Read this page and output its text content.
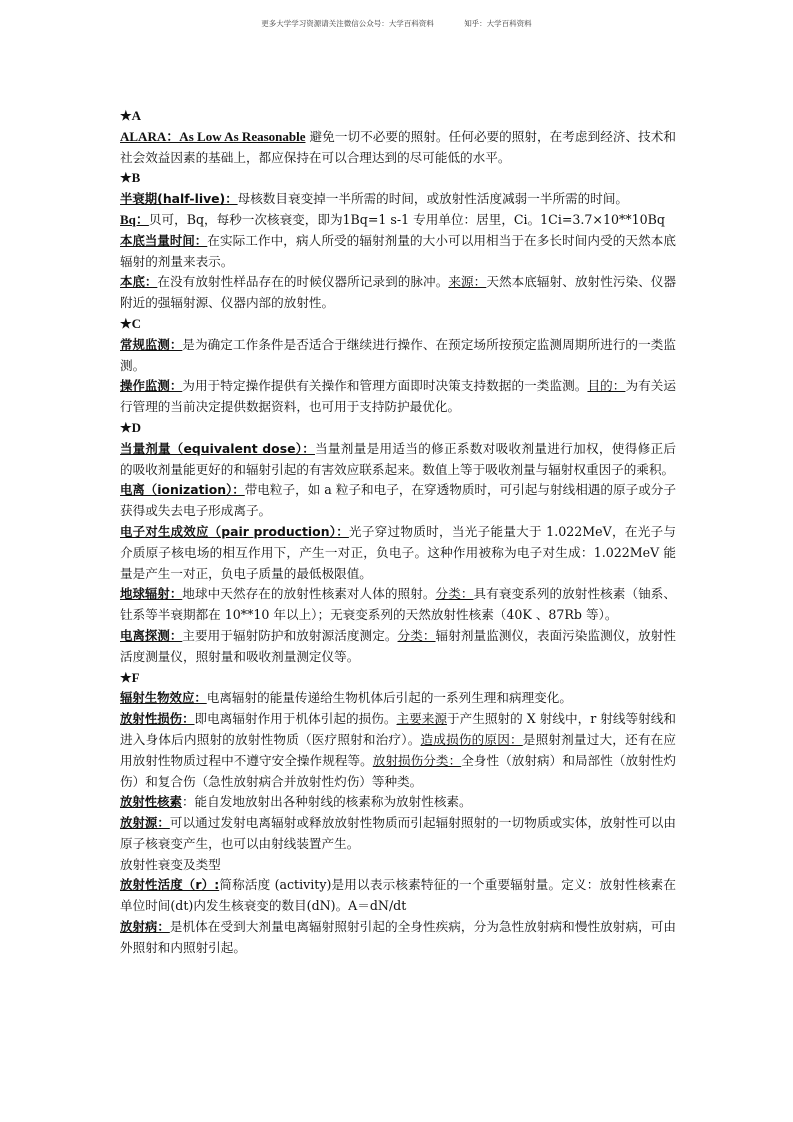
更多大学学习资源请关注微信公众号：大学百科资料	知乎：大学百科资料
★A
ALARA：As Low As Reasonable 避免一切不必要的照射。任何必要的照射，在考虑到经济、技术和社会效益因素的基础上，都应保持在可以合理达到的尽可能低的水平。
★B
半衰期(half-live)：母核数目衰变掉一半所需的时间，或放射性活度减弱一半所需的时间。
Bq：贝可，Bq，每秒一次核衰变，即为1Bq=1 s-1 专用单位：居里，Ci。1Ci=3.7×10**10Bq
本底当量时间：在实际工作中，病人所受的辐射剂量的大小可以用相当于在多长时间内受的天然本底辐射的剂量来表示。
本底：在没有放射性样品存在的时候仪器所记录到的脉冲。来源：天然本底辐射、放射性污染、仪器附近的强辐射源、仪器内部的放射性。
★C
常规监测：是为确定工作条件是否适合于继续进行操作、在预定场所按预定监测周期所进行的一类监测。
操作监测：为用于特定操作提供有关操作和管理方面即时决策支持数据的一类监测。目的：为有关运行管理的当前决定提供数据资料，也可用于支持防护最优化。
★D
当量剂量（equivalent dose）：当量剂量是用适当的修正系数对吸收剂量进行加权，使得修正后的吸收剂量能更好的和辐射引起的有害效应联系起来。数值上等于吸收剂量与辐射权重因子的乘积。
电离（ionization）：带电粒子，如 a 粒子和电子，在穿透物质时，可引起与射线相遇的原子或分子获得或失去电子形成离子。
电子对生成效应（pair production）：光子穿过物质时，当光子能量大于 1.022MeV，在光子与介质原子核电场的相互作用下，产生一对正，负电子。这种作用被称为电子对生成：1.022MeV 能量是产生一对正，负电子质量的最低极限值。
地球辐射：地球中天然存在的放射性核素对人体的照射。分类：具有衰变系列的放射性核素（铀系、钍系等半衰期都在 10**10 年以上）；无衰变系列的天然放射性核素（40K 、87Rb 等）。
电离探测：主要用于辐射防护和放射源活度测定。分类：辐射剂量监测仪，表面污染监测仪，放射性活度测量仪，照射量和吸收剂量测定仪等。
★F
辐射生物效应：电离辐射的能量传递给生物机体后引起的一系列生理和病理变化。
放射性损伤：即电离辐射作用于机体引起的损伤。主要来源于产生照射的 X 射线中，r 射线等射线和进入身体后内照射的放射性物质（医疗照射和治疗）。造成损伤的原因：是照射剂量过大，还有在应用放射性物质过程中不遵守安全操作规程等。放射损伤分类：全身性（放射病）和局部性（放射性灼伤）和复合伤（急性放射病合并放射性灼伤）等种类。
放射性核素：能自发地放射出各种射线的核素称为放射性核素。
放射源：可以通过发射电离辐射或释放放射性物质而引起辐射照射的一切物质或实体，放射性可以由原子核衰变产生，也可以由射线装置产生。
放射性衰变及类型
放射性活度（r）:简称活度 (activity)是用以表示核素特征的一个重要辐射量。定义：放射性核素在单位时间(dt)内发生核衰变的数目(dN)。A＝dN/dt
放射病：是机体在受到大剂量电离辐射照射引起的全身性疾病，分为急性放射病和慢性放射病，可由外照射和内照射引起。
